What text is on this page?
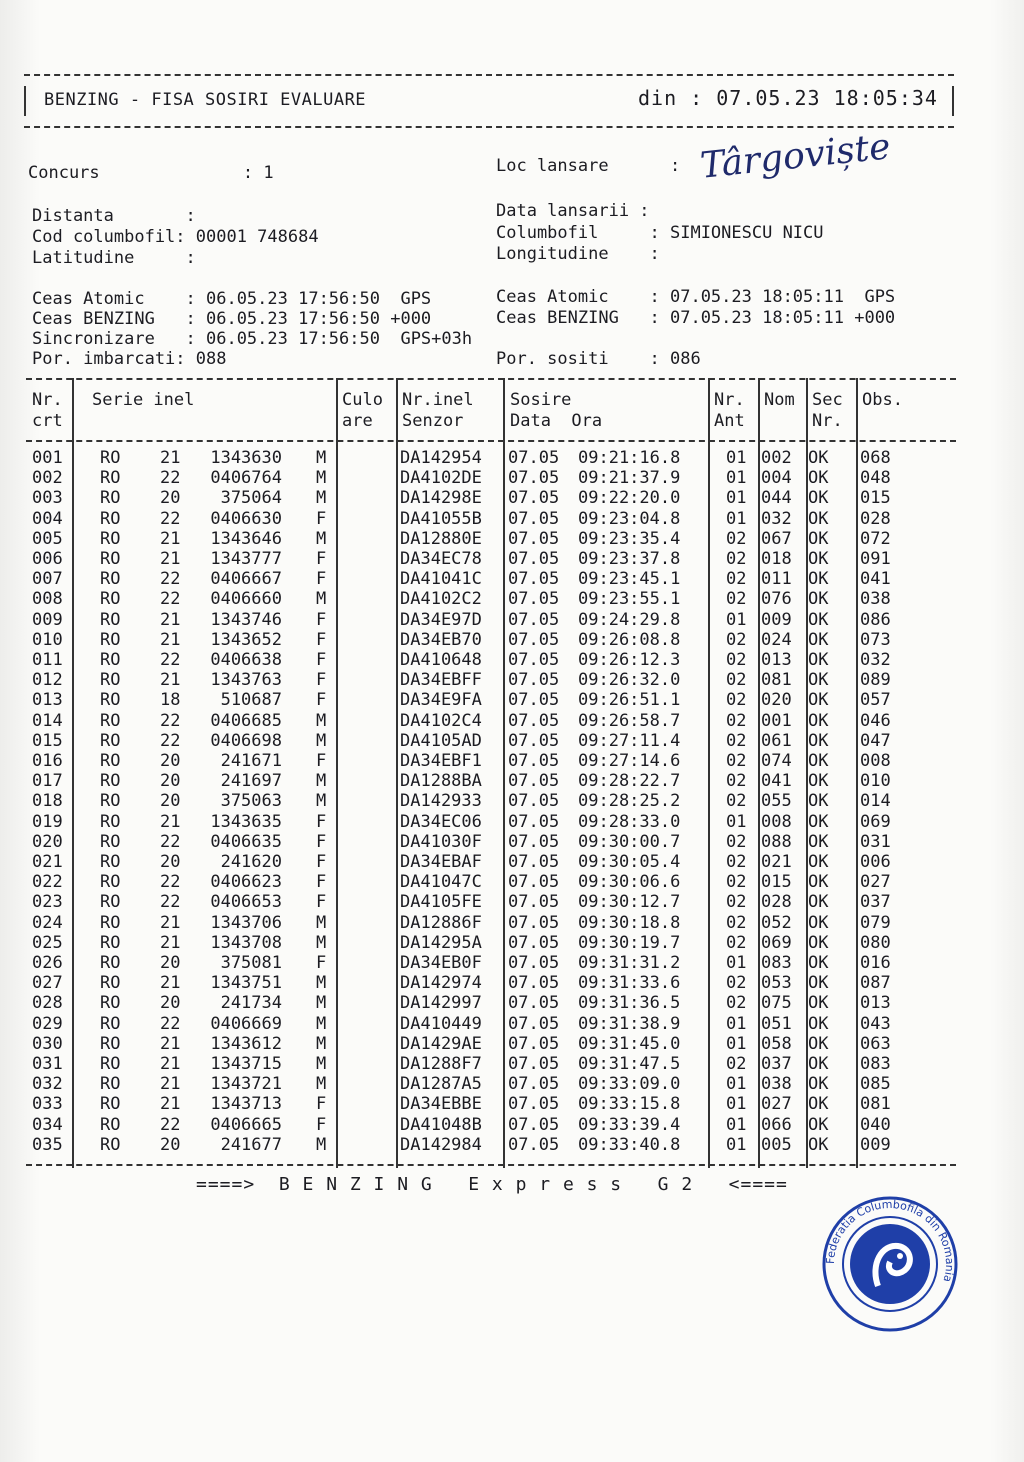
BENZING - FISA SOSIRI EVALUARE	din : 07.05.23 18:05:34
Concurs              : 1	Loc lansare      : Târgoviște
Distanta       :
Cod columbofil: 00001 748684
Latitudine     :
Data lansarii :
Columbofil     : SIMIONESCU NICU
Longitudine    :
Ceas Atomic    : 06.05.23 17:56:50  GPS
Ceas BENZING   : 06.05.23 17:56:50 +000
Sincronizare   : 06.05.23 17:56:50  GPS+03h
Por. imbarcati: 088
Ceas Atomic    : 07.05.23 18:05:11  GPS
Ceas BENZING   : 07.05.23 18:05:11 +000
Por. sositi    : 086
Nr.
crt
Serie inel	Culo
are
Nr.inel
Senzor
Sosire
Data  Ora
Nr.
Ant
Nom Sec
Nr.
Obs.
001 RO 21	1343630 M	DA142954 07.05 09:21:16.8	01 002 OK 068
002 RO 22	0406764 M	DA4102DE 07.05 09:21:37.9	01 004 OK 048
003 RO 20	375064 M	DA14298E 07.05 09:22:20.0	01 044 OK 015
004 RO 22	0406630 F	DA41055B 07.05 09:23:04.8	01 032 OK 028
005 RO 21	1343646 M	DA12880E 07.05 09:23:35.4	02 067 OK 072
006 RO 21	1343777 F	DA34EC78 07.05 09:23:37.8	02 018 OK 091
007 RO 22	0406667 F	DA41041C 07.05 09:23:45.1	02 011 OK 041
008 RO 22	0406660 M	DA4102C2 07.05 09:23:55.1	02 076 OK 038
009 RO 21	1343746 F	DA34E97D 07.05 09:24:29.8	01 009 OK 086
010 RO 21	1343652 F	DA34EB70 07.05 09:26:08.8	02 024 OK 073
011 RO 22	0406638 F	DA410648 07.05 09:26:12.3	02 013 OK 032
012 RO 21	1343763 F	DA34EBFF 07.05 09:26:32.0	02 081 OK 089
013 RO 18	510687 F	DA34E9FA 07.05 09:26:51.1	02 020 OK 057
014 RO 22	0406685 M	DA4102C4 07.05 09:26:58.7	02 001 OK 046
015 RO 22	0406698 M	DA4105AD 07.05 09:27:11.4	02 061 OK 047
016 RO 20	241671 F	DA34EBF1 07.05 09:27:14.6	02 074 OK 008
017 RO 20	241697 M	DA1288BA 07.05 09:28:22.7	02 041 OK 010
018 RO 20	375063 M	DA142933 07.05 09:28:25.2	02 055 OK 014
019 RO 21	1343635 F	DA34EC06 07.05 09:28:33.0	01 008 OK 069
020 RO 22	0406635 F	DA41030F 07.05 09:30:00.7	02 088 OK 031
021 RO 20	241620 F	DA34EBAF 07.05 09:30:05.4	02 021 OK 006
022 RO 22	0406623 F	DA41047C 07.05 09:30:06.6	02 015 OK 027
023 RO 22	0406653 F	DA4105FE 07.05 09:30:12.7	02 028 OK 037
024 RO 21	1343706 M	DA12886F 07.05 09:30:18.8	02 052 OK 079
025 RO 21	1343708 M	DA14295A 07.05 09:30:19.7	02 069 OK 080
026 RO 20	375081 F	DA34EB0F 07.05 09:31:31.2	01 083 OK 016
027 RO 21	1343751 M	DA142974 07.05 09:31:33.6	02 053 OK 087
028 RO 20	241734 M	DA142997 07.05 09:31:36.5	02 075 OK 013
029 RO 22	0406669 M	DA410449 07.05 09:31:38.9	01 051 OK 043
030 RO 21	1343612 M	DA1429AE 07.05 09:31:45.0	01 058 OK 063
031 RO 21	1343715 M	DA1288F7 07.05 09:31:47.5	02 037 OK 083
032 RO 21	1343721 M	DA1287A5 07.05 09:33:09.0	01 038 OK 085
033 RO 21	1343713 F	DA34EBBE 07.05 09:33:15.8	01 027 OK 081
034 RO 22	0406665 F	DA41048B 07.05 09:33:39.4	01 066 OK 040
035 RO 20	241677 M	DA142984 07.05 09:33:40.8	01 005 OK 009
====>  B E N Z I N G   E x p r e s s   G 2   <====
Federatia Columbofila din Romania
